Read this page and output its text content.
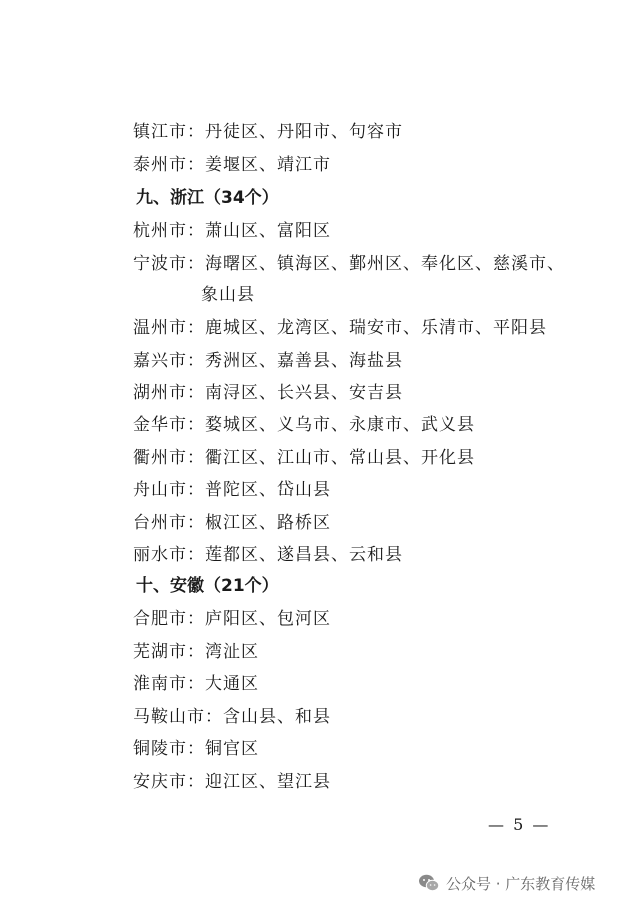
镇江市：丹徒区、丹阳市、句容市
泰州市：姜堰区、靖江市
九、浙江（34个）
杭州市：萧山区、富阳区
宁波市：海曙区、镇海区、鄞州区、奉化区、慈溪市、
象山县
温州市：鹿城区、龙湾区、瑞安市、乐清市、平阳县
嘉兴市：秀洲区、嘉善县、海盐县
湖州市：南浔区、长兴县、安吉县
金华市：婺城区、义乌市、永康市、武义县
衢州市：衢江区、江山市、常山县、开化县
舟山市：普陀区、岱山县
台州市：椒江区、路桥区
丽水市：莲都区、遂昌县、云和县
十、安徽（21个）
合肥市：庐阳区、包河区
芜湖市：湾沚区
淮南市：大通区
马鞍山市：含山县、和县
铜陵市：铜官区
安庆市：迎江区、望江县
— 5 —
公众号 · 广东教育传媒
